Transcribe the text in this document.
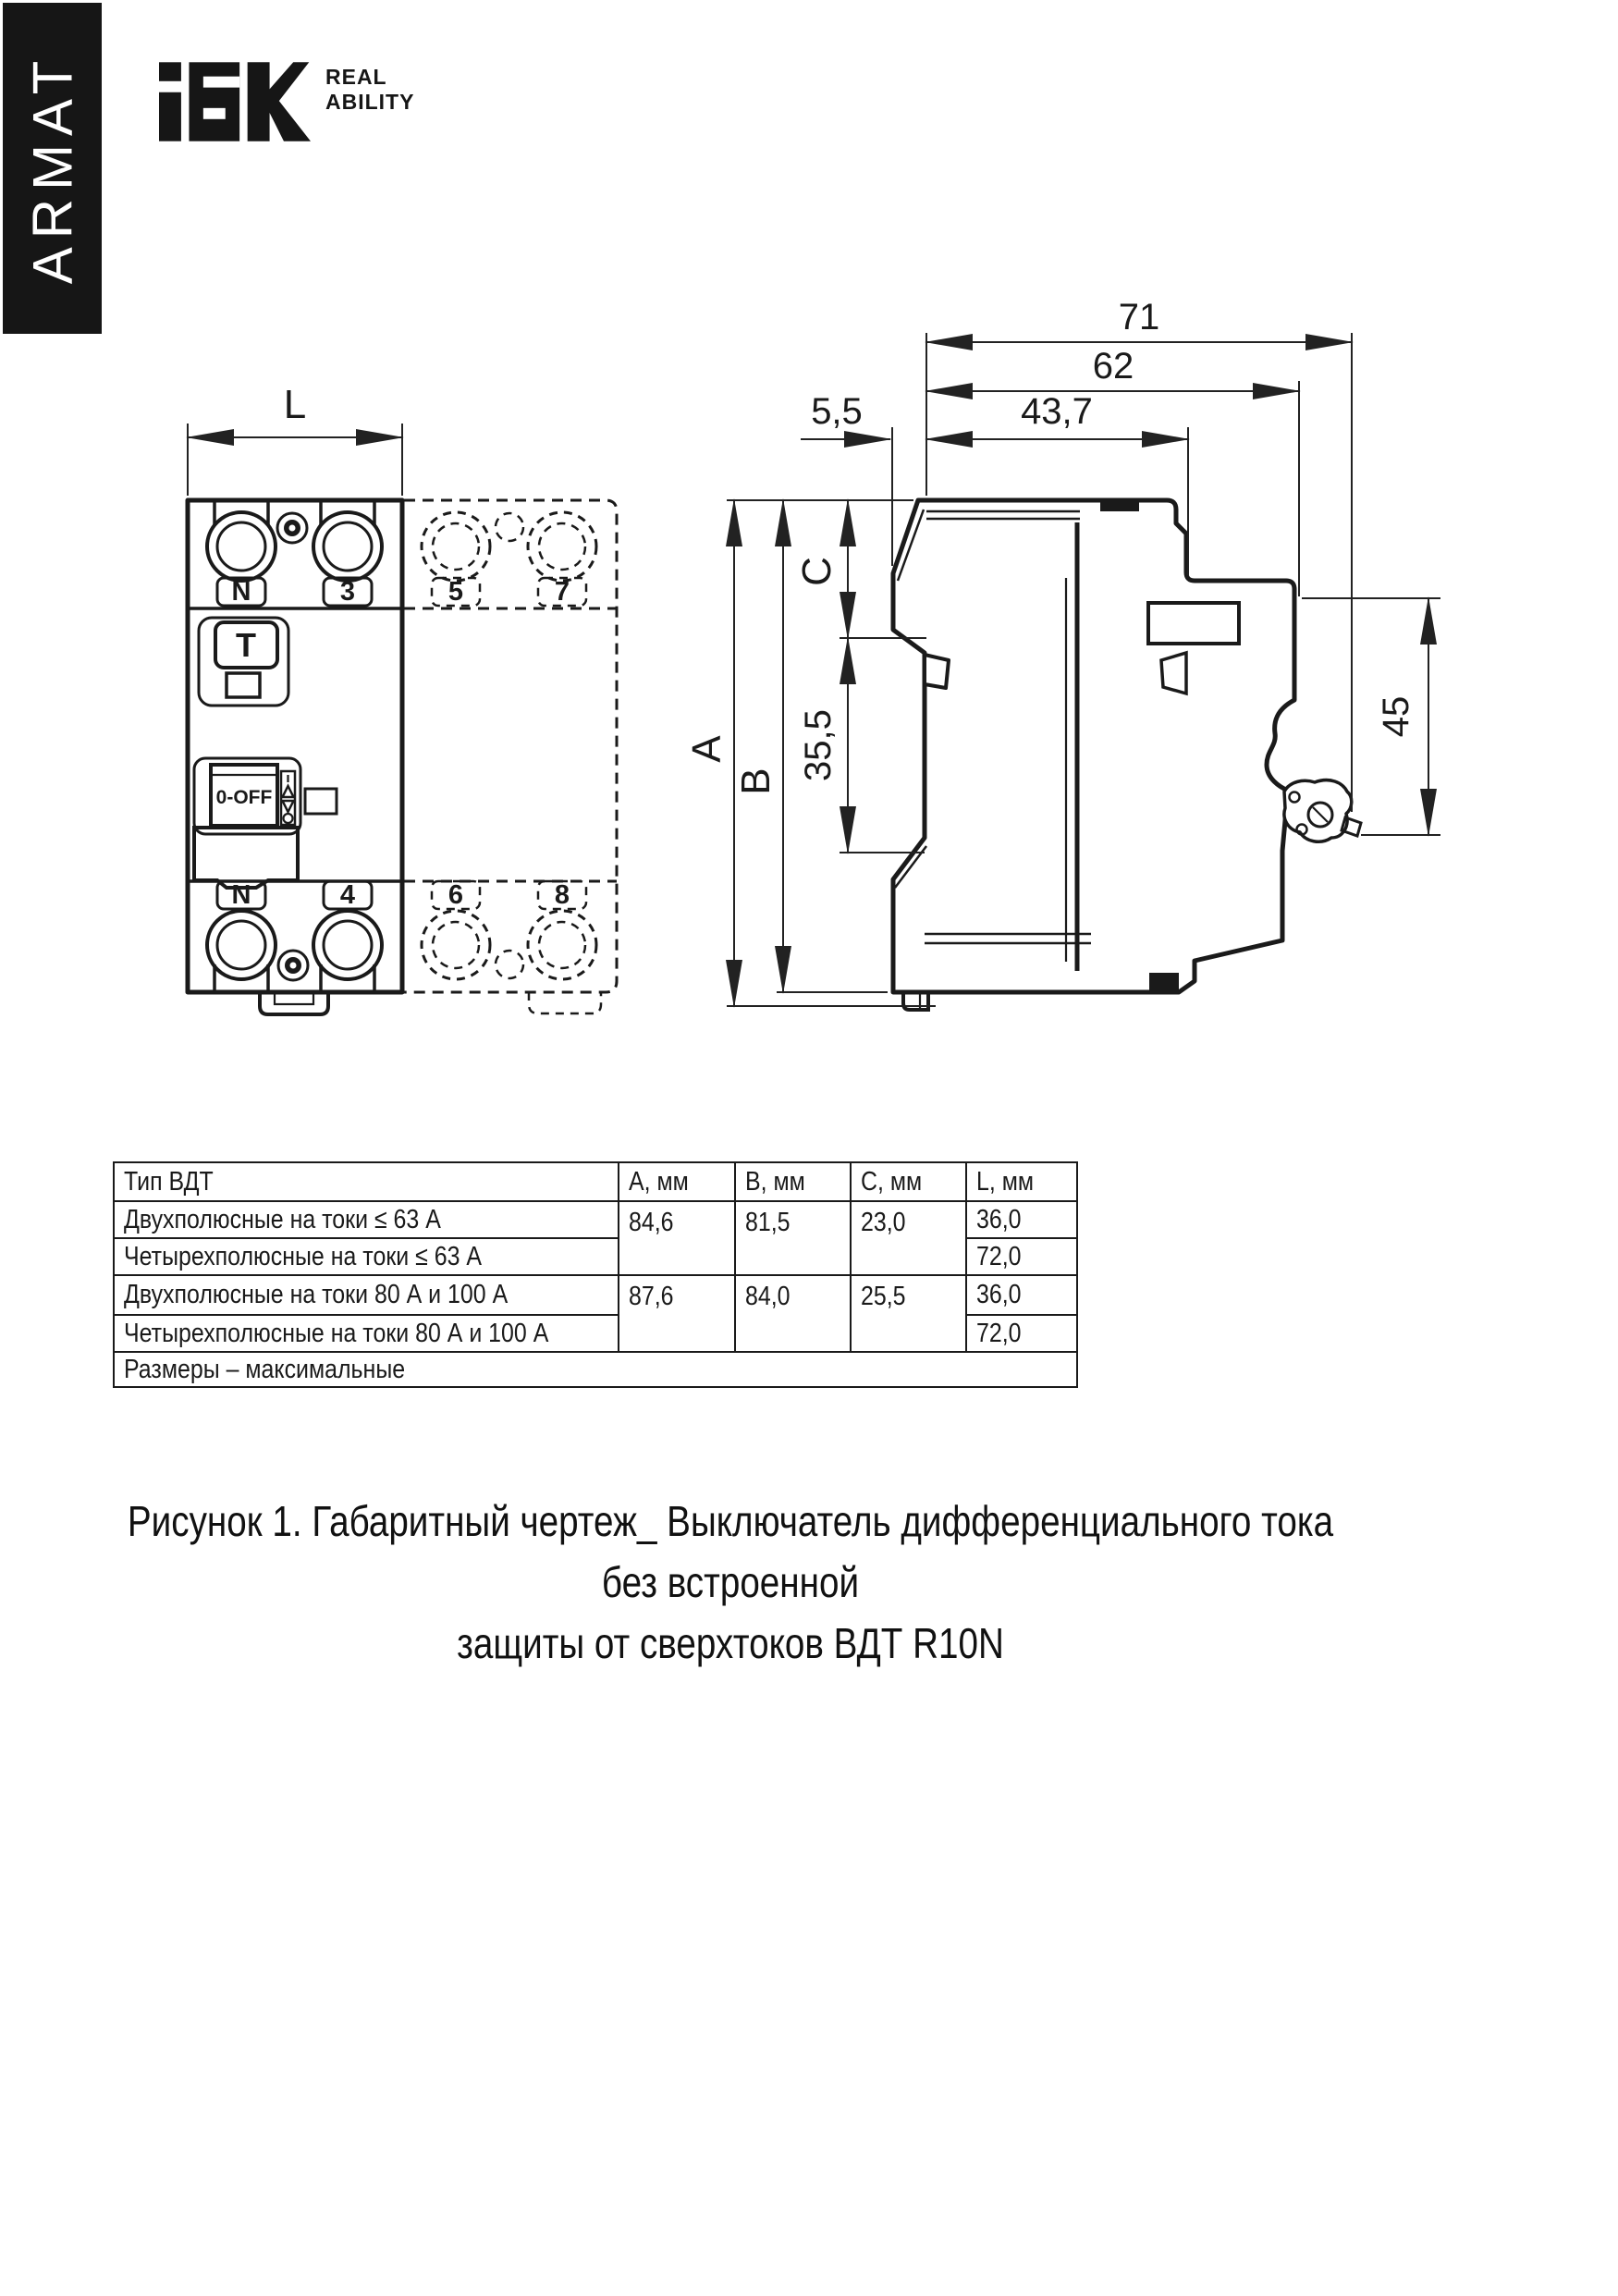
ARMAT	REAL
ABILITY
N	3
T
0-OFF
N	4
5	7
6	8
L
71
62
5,5	43,7
A
B
C
35,5	45
Тип ВДТ	А, мм	В, мм	С, мм	L, мм
Двухполюсные на токи ≤ 63 А	84,6	81,5	23,0	36,0
Четырехполюсные на токи ≤ 63 А				72,0
Двухполюсные на токи 80 А и 100 А	87,6	84,0	25,5	36,0
Четырехполюсные на токи 80 А и 100 А				72,0
Размеры – максимальные				
Рисунок 1. Габаритный чертеж_ Выключатель дифференциального тока без встроенной
защиты от сверхтоков ВДТ R10N
